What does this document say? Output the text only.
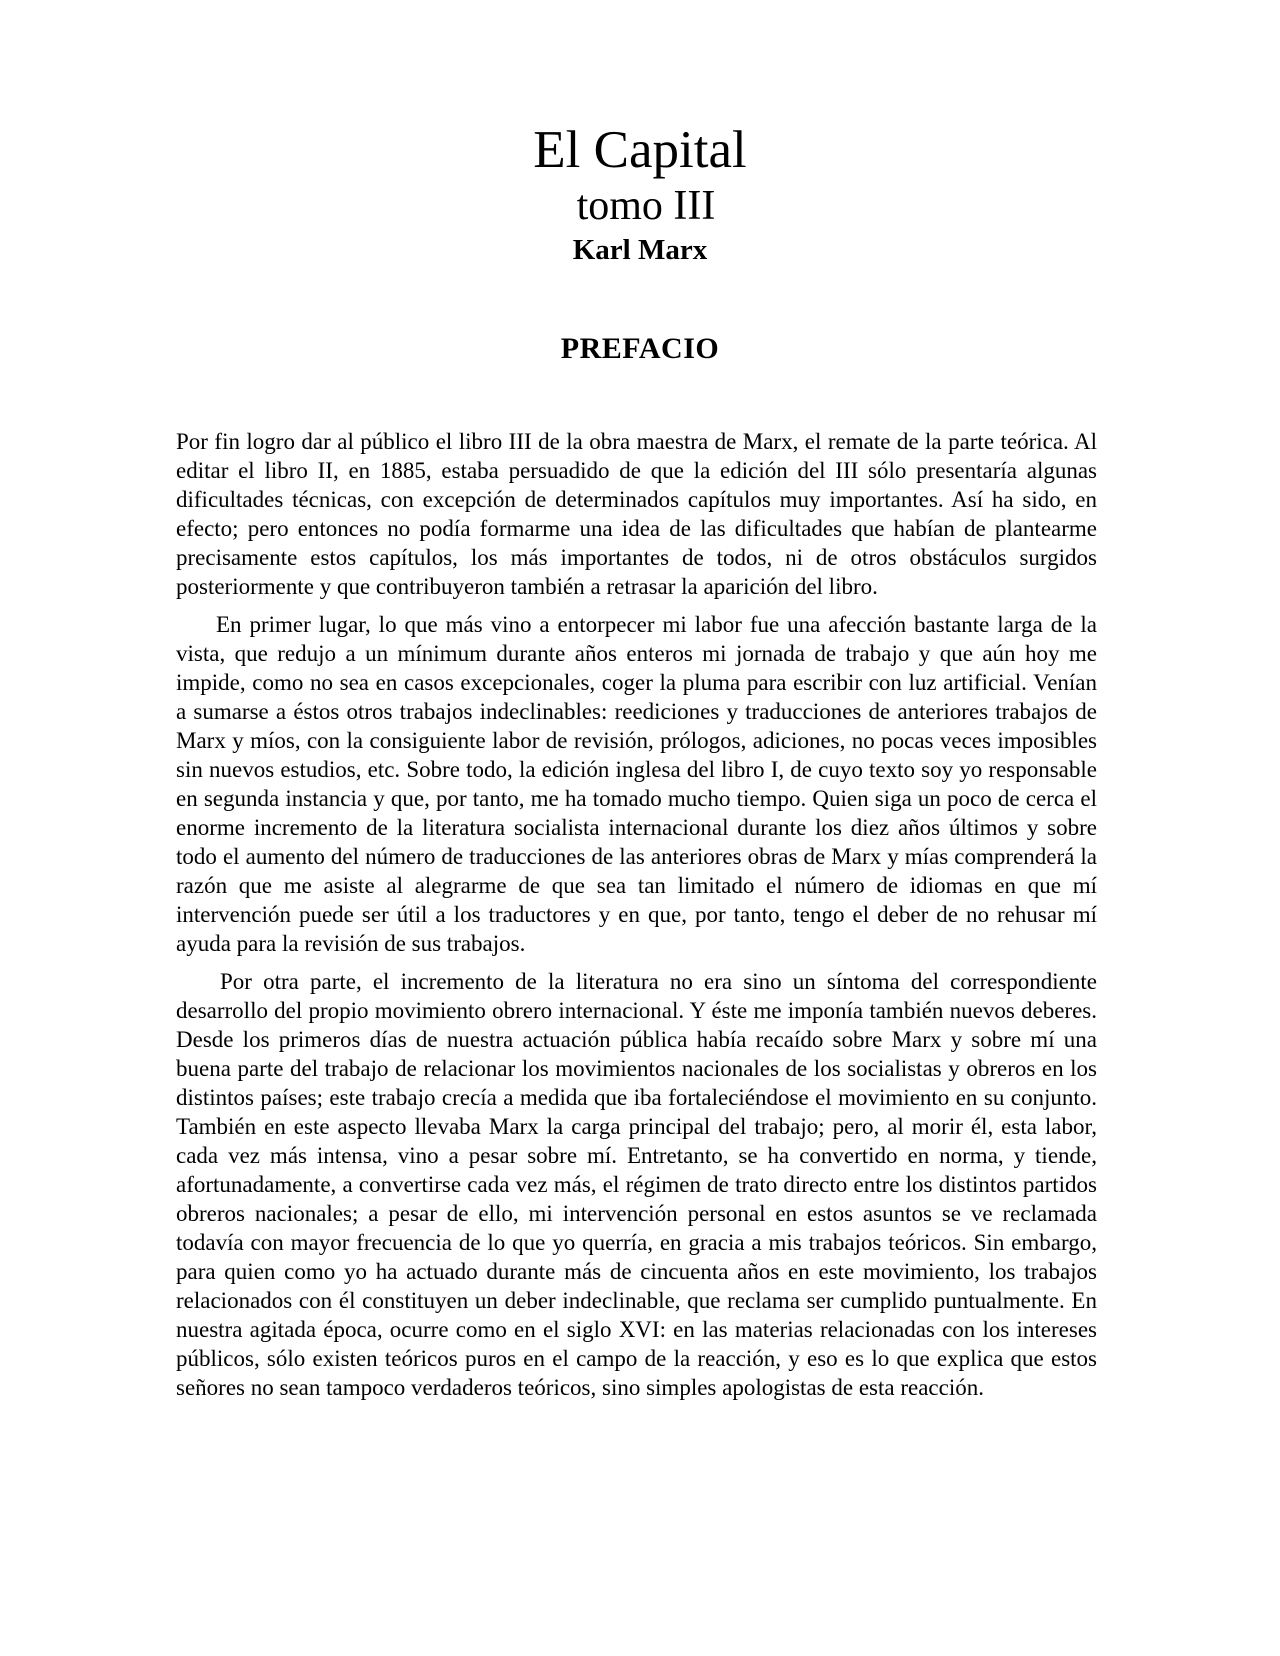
El Capital
tomo III
Karl Marx
PREFACIO

Por fin logro dar al público el libro III de la obra maestra de Marx, el remate de la parte teórica. Al editar el libro II, en 1885, estaba persuadido de que la edición del III sólo presentaría algunas dificultades técnicas, con excepción de determinados capítulos muy importantes. Así ha sido, en efecto; pero entonces no podía formarme una idea de las dificultades que habían de plantearme precisamente estos capítulos, los más importantes de todos, ni de otros obstáculos surgidos posteriormente y que contribuyeron también a retrasar la aparición del libro.

En primer lugar, lo que más vino a entorpecer mi labor fue una afección bastante larga de la vista, que redujo a un mínimum durante años enteros mi jornada de trabajo y que aún hoy me impide, como no sea en casos excepcionales, coger la pluma para escribir con luz artificial. Venían a sumarse a éstos otros trabajos indeclinables: reediciones y traducciones de anteriores trabajos de Marx y míos, con la consiguiente labor de revisión, prólogos, adiciones, no pocas veces imposibles sin nuevos estudios, etc. Sobre todo, la edición inglesa del libro I, de cuyo texto soy yo responsable en segunda instancia y que, por tanto, me ha tomado mucho tiempo. Quien siga un poco de cerca el enorme incremento de la literatura socialista internacional durante los diez años últimos y sobre todo el aumento del número de traducciones de las anteriores obras de Marx y mías comprenderá la razón que me asiste al alegrarme de que sea tan limitado el número de idiomas en que mí intervención puede ser útil a los traductores y en que, por tanto, tengo el deber de no rehusar mí ayuda para la revisión de sus trabajos.

Por otra parte, el incremento de la literatura no era sino un síntoma del correspondiente desarrollo del propio movimiento obrero internacional. Y éste me imponía también nuevos deberes. Desde los primeros días de nuestra actuación pública había recaído sobre Marx y sobre mí una buena parte del trabajo de relacionar los movimientos nacionales de los socialistas y obreros en los distintos países; este trabajo crecía a medida que iba fortaleciéndose el movimiento en su conjunto. También en este aspecto llevaba Marx la carga principal del trabajo; pero, al morir él, esta labor, cada vez más intensa, vino a pesar sobre mí. Entretanto, se ha convertido en norma, y tiende, afortunadamente, a convertirse cada vez más, el régimen de trato directo entre los distintos partidos obreros nacionales; a pesar de ello, mi intervención personal en estos asuntos se ve reclamada todavía con mayor frecuencia de lo que yo querría, en gracia a mis trabajos teóricos. Sin embargo, para quien como yo ha actuado durante más de cincuenta años en este movimiento, los trabajos relacionados con él constituyen un deber indeclinable, que reclama ser cumplido puntualmente. En nuestra agitada época, ocurre como en el siglo XVI: en las materias relacionadas con los intereses públicos, sólo existen teóricos puros en el campo de la reacción, y eso es lo que explica que estos señores no sean tampoco verdaderos teóricos, sino simples apologistas de esta reacción.
